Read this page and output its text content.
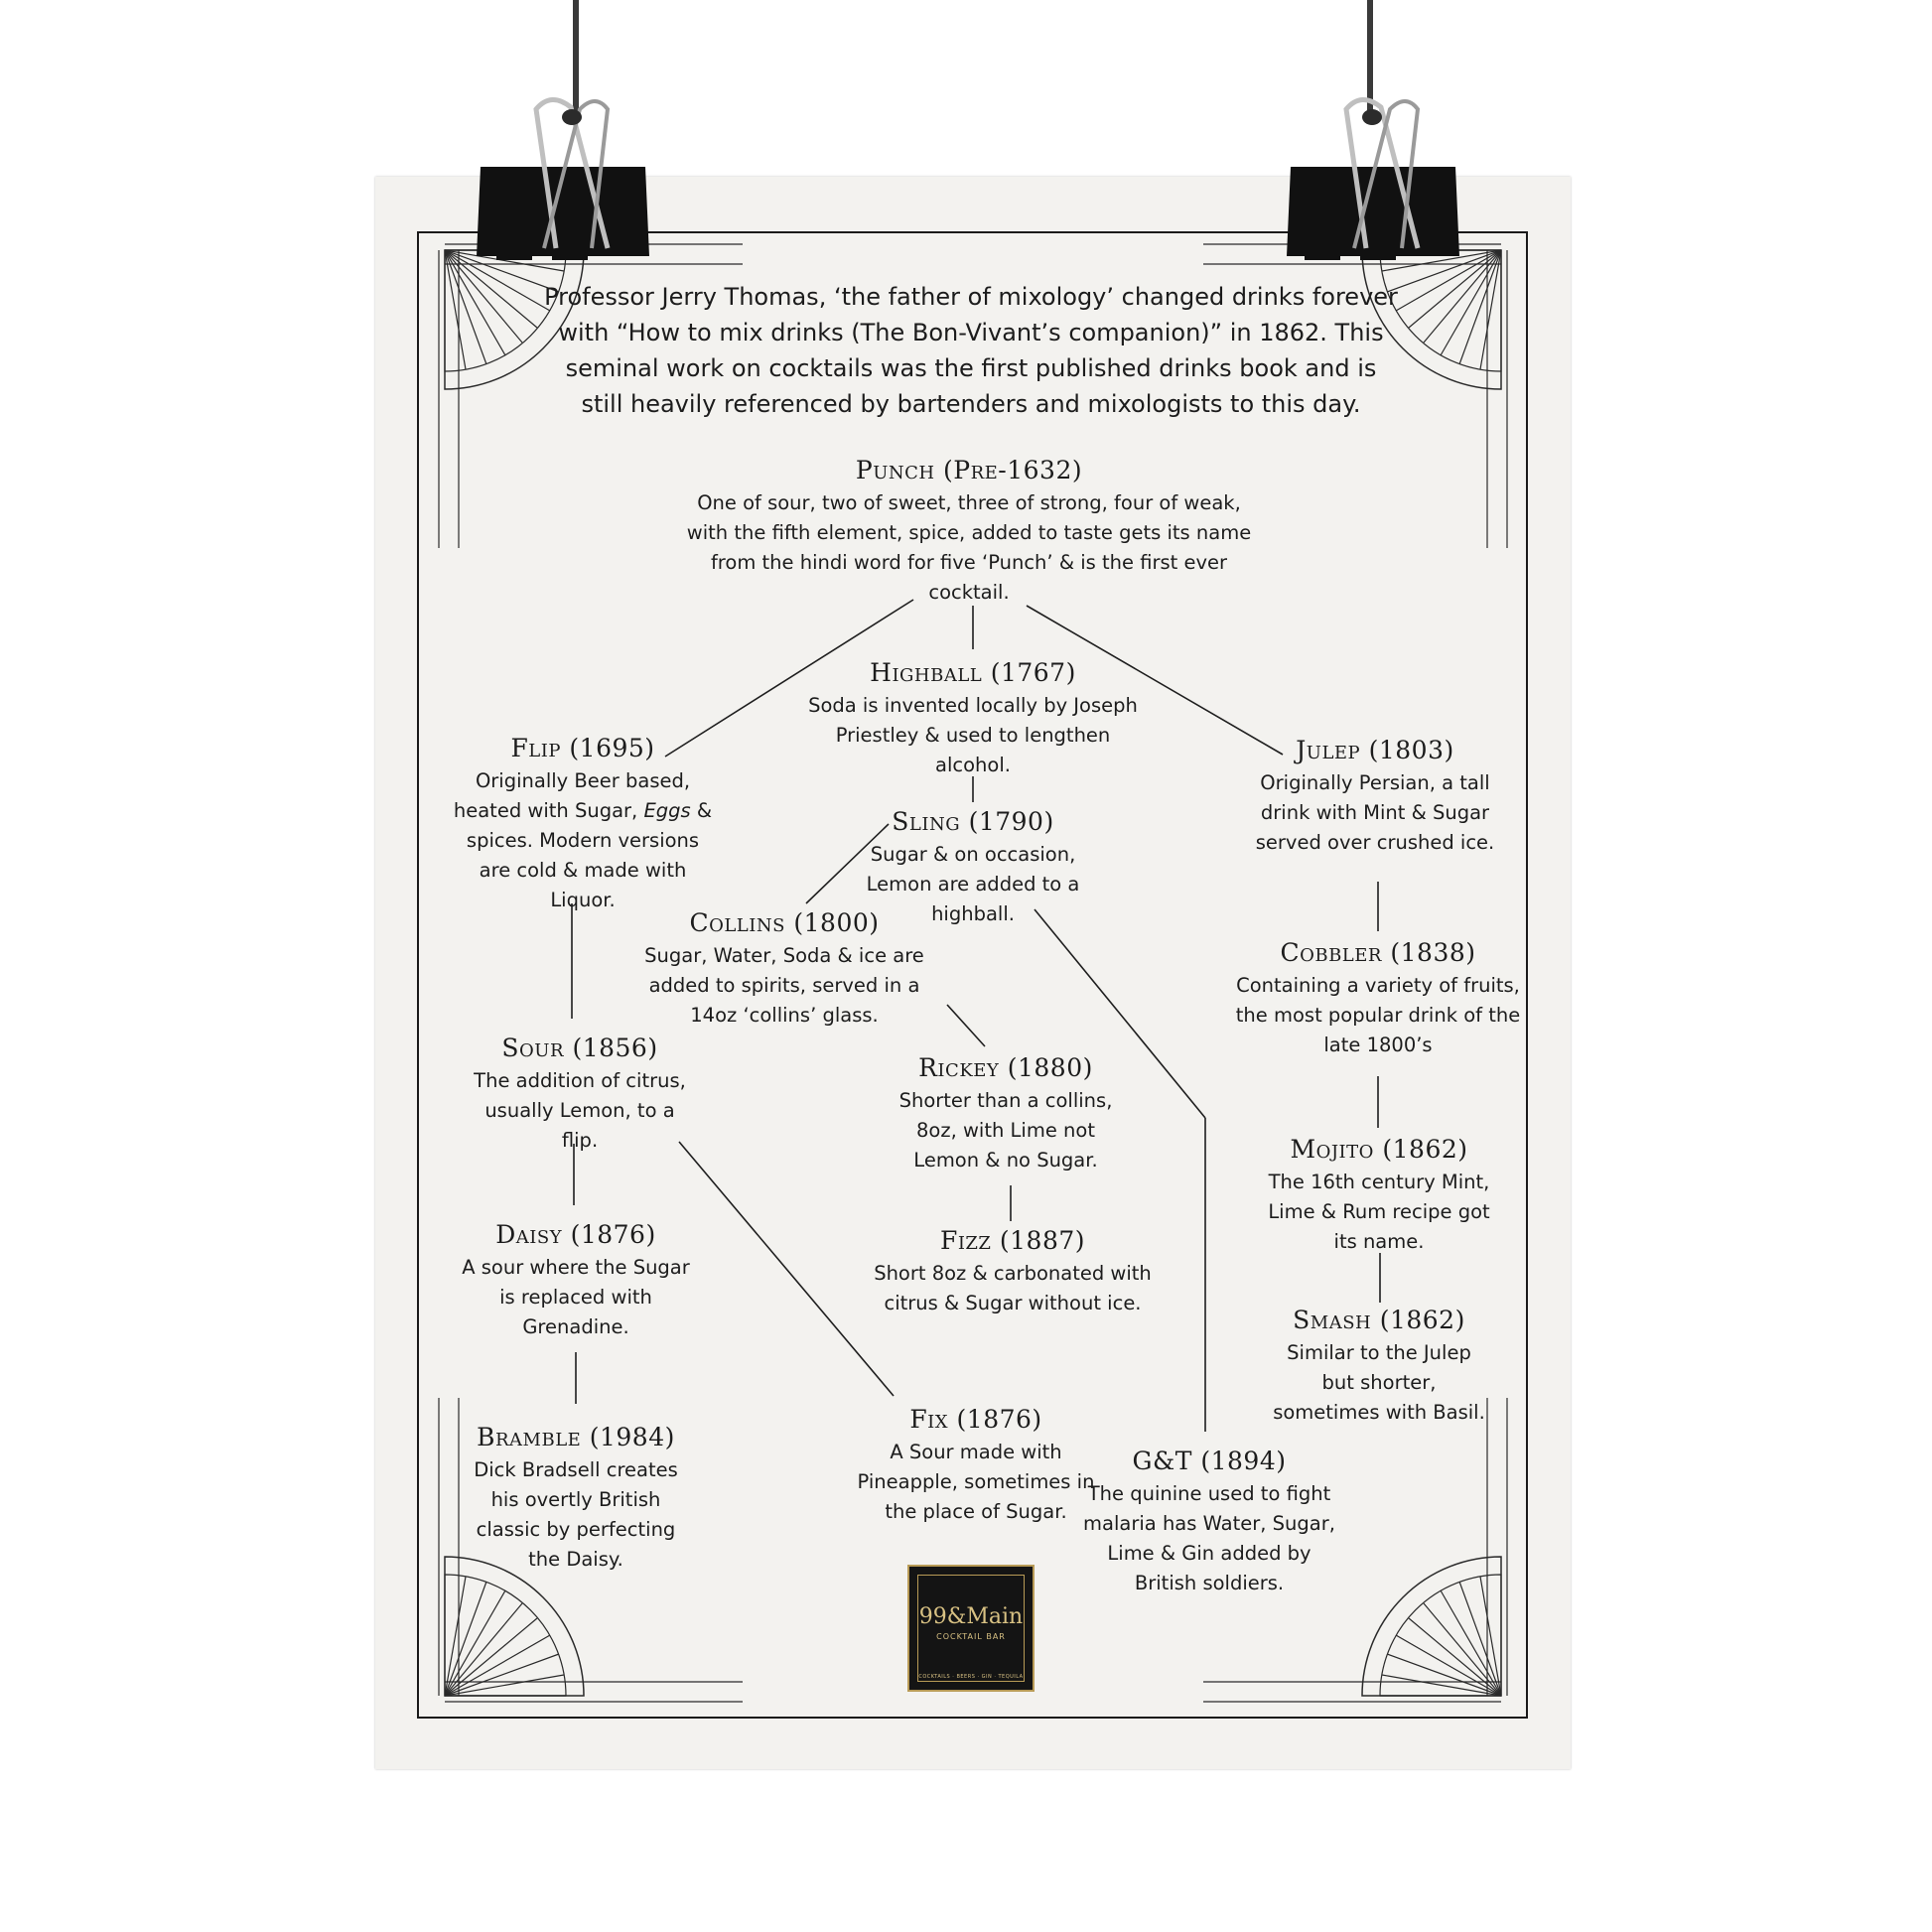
Professor Jerry Thomas, ‘the father of mixology’ changed drinks forever with “How to mix drinks (The Bon-Vivant’s companion)” in 1862. This seminal work on cocktails was the first published drinks book and is still heavily referenced by bartenders and mixologists to this day.
Punch (Pre-1632)
One of sour, two of sweet, three of strong, four of weak, with the fifth element, spice, added to taste gets its name from the hindi word for five ‘Punch’ & is the first ever cocktail.
Highball (1767)
Soda is invented locally by Joseph Priestley & used to lengthen alcohol.
Flip (1695)
Originally Beer based, heated with Sugar, Eggs & spices. Modern versions are cold & made with Liquor.
Julep (1803)
Originally Persian, a tall drink with Mint & Sugar served over crushed ice.
Sling (1790)
Sugar & on occasion, Lemon are added to a highball.
Collins (1800)
Sugar, Water, Soda & ice are added to spirits, served in a 14oz ‘collins’ glass.
Cobbler (1838)
Containing a variety of fruits, the most popular drink of the late 1800’s
Sour (1856)
The addition of citrus, usually Lemon, to a flip.
Rickey (1880)
Shorter than a collins, 8oz, with Lime not Lemon & no Sugar.	Mojito (1862)
The 16th century Mint, Lime & Rum recipe got its name.
Daisy (1876)
A sour where the Sugar is replaced with Grenadine.
Fizz (1887)
Short 8oz & carbonated with citrus & Sugar without ice.
Smash (1862)
Similar to the Julep but shorter, sometimes with Basil.
Fix (1876)
A Sour made with Pineapple, sometimes in the place of Sugar.
Bramble (1984)
Dick Bradsell creates his overtly British classic by perfecting the Daisy.
G&T (1894)
The quinine used to fight malaria has Water, Sugar, Lime & Gin added by British soldiers.
99&Main
COCKTAIL BAR
COCKTAILS · BEERS · GIN · TEQUILA
